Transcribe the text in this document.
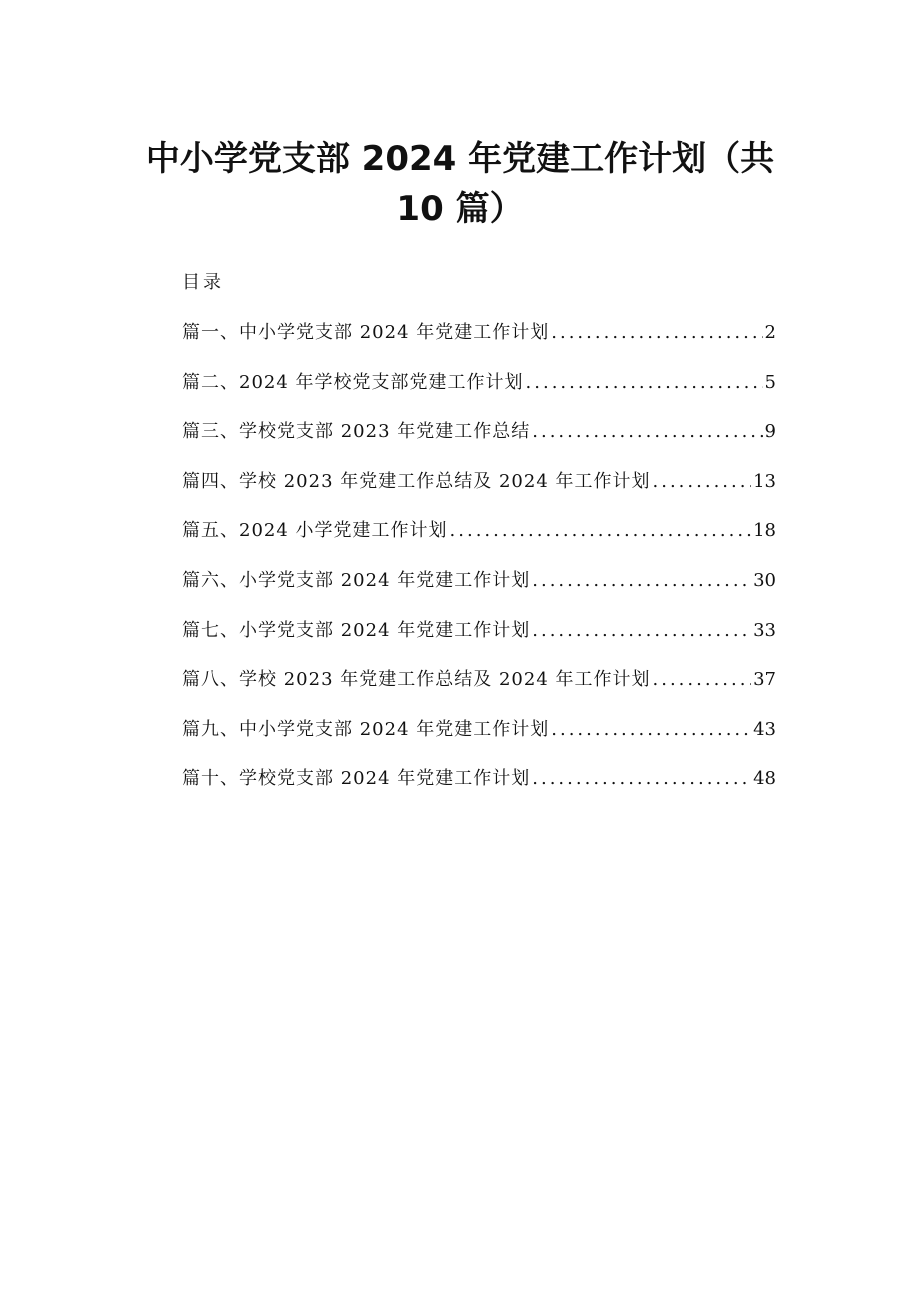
中小学党支部 2024 年党建工作计划（共 10 篇）
目录
篇一、中小学党支部 2024 年党建工作计划 .....	2
篇二、2024 年学校党支部党建工作计划 .....	5
篇三、学校党支部 2023 年党建工作总结 .....	9
篇四、学校 2023 年党建工作总结及 2024 年工作计划 .....	13
篇五、2024 小学党建工作计划 .....	18
篇六、小学党支部 2024 年党建工作计划 .....	30
篇七、小学党支部 2024 年党建工作计划 .....	33
篇八、学校 2023 年党建工作总结及 2024 年工作计划 .....	37
篇九、中小学党支部 2024 年党建工作计划 .....	43
篇十、学校党支部 2024 年党建工作计划 .....	48
